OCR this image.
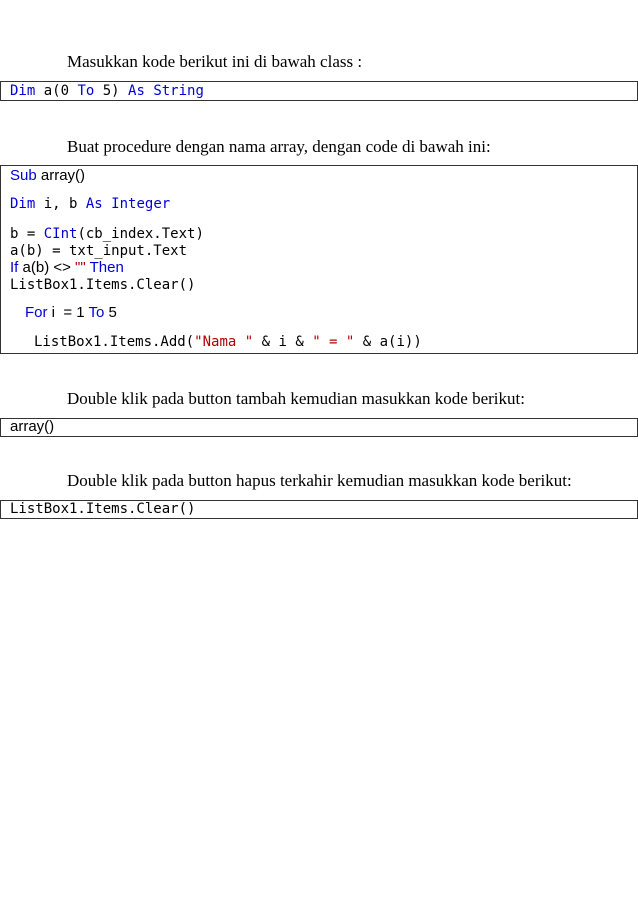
Masukkan kode berikut ini di bawah class :
Dim a(0 To 5) As String
Buat procedure dengan nama array, dengan code di bawah ini:
Sub array()
Dim i, b As Integer
b = CInt(cb_index.Text)
a(b) = txt_input.Text
If a(b) <> "" Then
ListBox1.Items.Clear()
For i  = 1 To 5
ListBox1.Items.Add("Nama " & i & " = " & a(i))
Double klik pada button tambah kemudian masukkan kode berikut:
array()
Double klik pada button hapus terkahir kemudian masukkan kode berikut:
ListBox1.Items.Clear()
